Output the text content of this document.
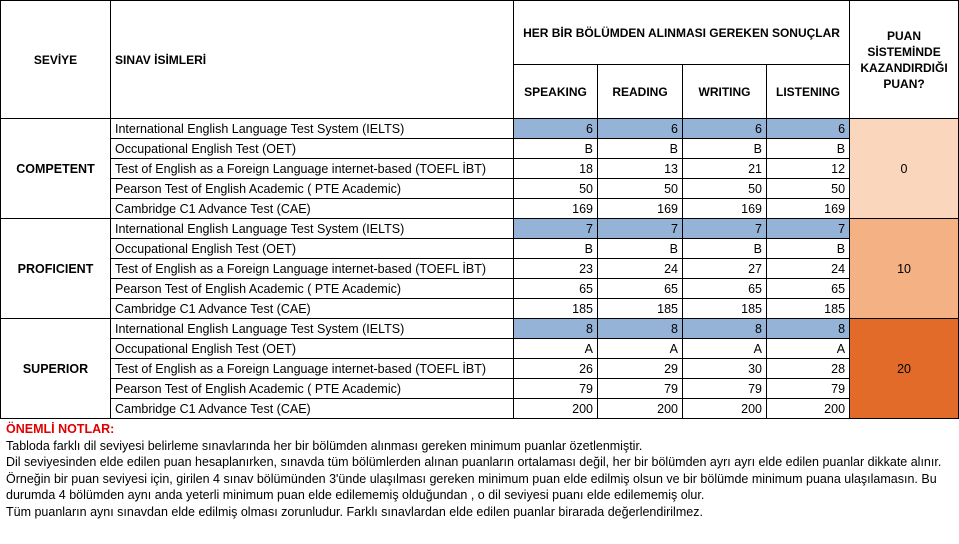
SEVİYE	SINAV İSİMLERİ	HER BİR BÖLÜMDEN ALINMASI GEREKEN SONUÇLAR				PUAN SİSTEMİNDE KAZANDIRDIĞI PUAN?
		SPEAKING	READING	WRITING	LISTENING	
COMPETENT	International English Language Test System (IELTS)	6	6	6	6	0
	Occupational English Test (OET)	B	B	B	B	
	Test of English as a Foreign Language internet-based (TOEFL İBT)	18	13	21	12	
	Pearson Test of English Academic ( PTE Academic)	50	50	50	50	
	Cambridge C1 Advance Test (CAE)	169	169	169	169	
PROFICIENT	International English Language Test System (IELTS)	7	7	7	7	10
	Occupational English Test (OET)	B	B	B	B	
	Test of English as a Foreign Language internet-based (TOEFL İBT)	23	24	27	24	
	Pearson Test of English Academic ( PTE Academic)	65	65	65	65	
	Cambridge C1 Advance Test (CAE)	185	185	185	185	
SUPERIOR	International English Language Test System (IELTS)	8	8	8	8	20
	Occupational English Test (OET)	A	A	A	A	
	Test of English as a Foreign Language internet-based (TOEFL İBT)	26	29	30	28	
	Pearson Test of English Academic ( PTE Academic)	79	79	79	79	
	Cambridge C1 Advance Test (CAE)	200	200	200	200	
ÖNEMLİ NOTLAR:
Tabloda farklı dil seviyesi belirleme sınavlarında her bir bölümden alınması gereken minimum puanlar özetlenmiştir.
Dil seviyesinden elde edilen puan hesaplanırken, sınavda tüm bölümlerden alınan puanların ortalaması değil, her bir bölümden ayrı ayrı elde edilen puanlar dikkate alınır.
Örneğin bir puan seviyesi için, girilen 4 sınav bölümünden 3'ünde ulaşılması gereken minimum puan elde edilmiş olsun ve bir bölümde minimum puana ulaşılamasın. Bu durumda 4 bölümden aynı anda yeterli minimum puan elde edilememiş olduğundan , o dil seviyesi puanı elde edilememiş olur.
Tüm puanların aynı sınavdan elde edilmiş olması zorunludur. Farklı sınavlardan elde edilen puanlar birarada değerlendirilmez.
